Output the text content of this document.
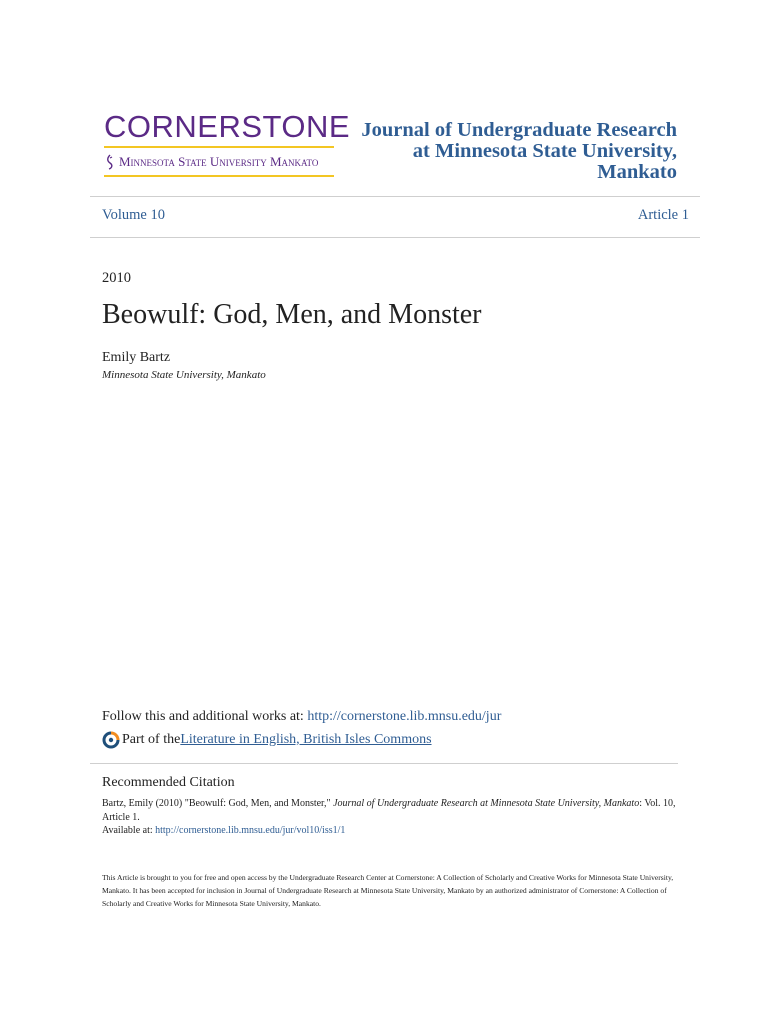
CORNERSTONE
Minnesota State University Mankato
Journal of Undergraduate Research
at Minnesota State University,
Mankato
Volume 10	Article 1
2010
Beowulf: God, Men, and Monster
Emily Bartz
Minnesota State University, Mankato
Follow this and additional works at: http://cornerstone.lib.mnsu.edu/jur
Part of the Literature in English, British Isles Commons
Recommended Citation
Bartz, Emily (2010) "Beowulf: God, Men, and Monster," Journal of Undergraduate Research at Minnesota State University, Mankato: Vol. 10, Article 1.
Available at: http://cornerstone.lib.mnsu.edu/jur/vol10/iss1/1
This Article is brought to you for free and open access by the Undergraduate Research Center at Cornerstone: A Collection of Scholarly and Creative Works for Minnesota State University, Mankato. It has been accepted for inclusion in Journal of Undergraduate Research at Minnesota State University, Mankato by an authorized administrator of Cornerstone: A Collection of Scholarly and Creative Works for Minnesota State University, Mankato.
